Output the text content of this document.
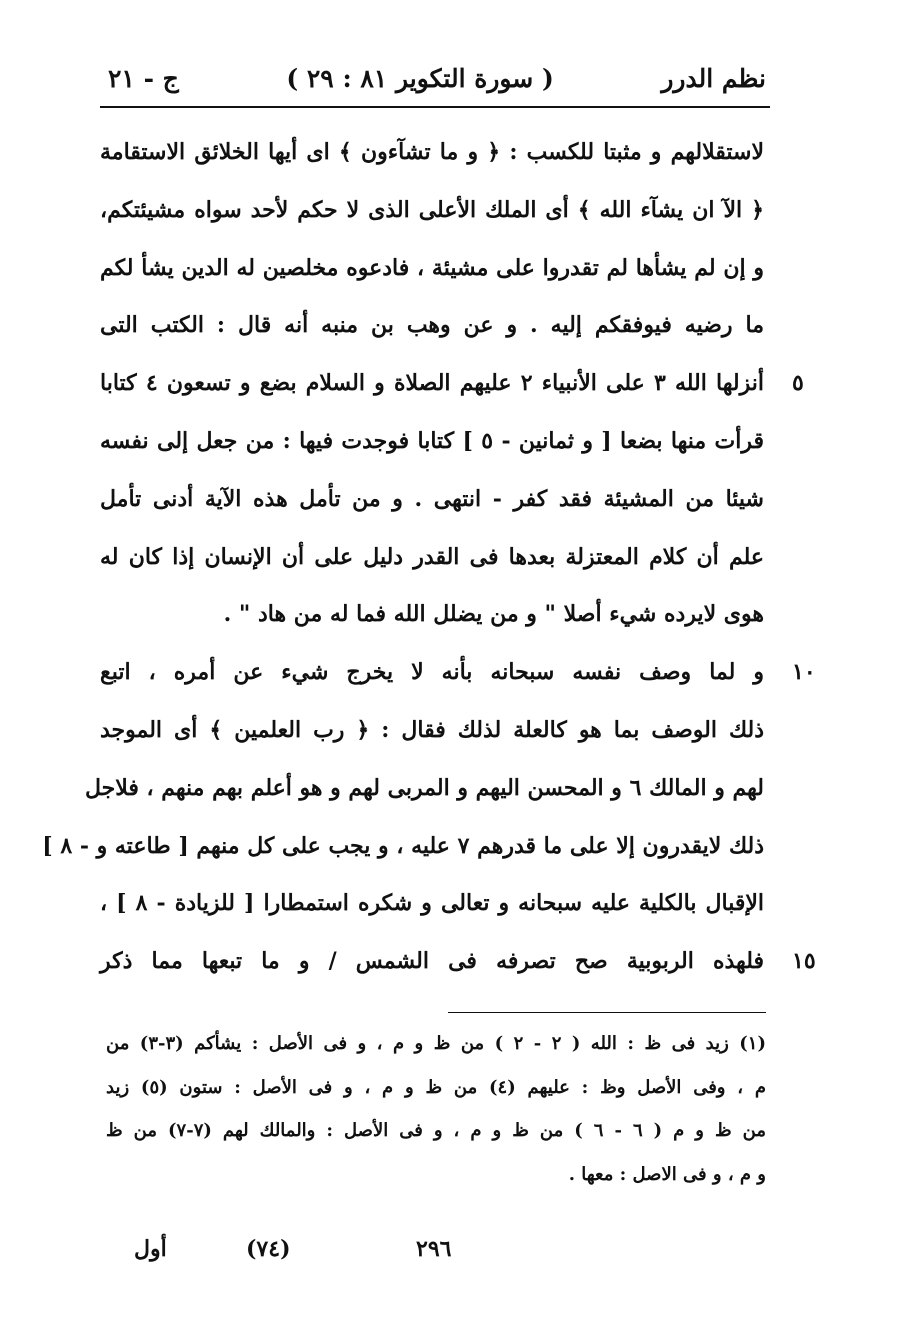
نظم الدرر
( سورة التكوير ٨١ : ٢٩ )
ج - ٢١
لاستقلالهم و مثبتا للكسب : ﴿ و ما تشآءون ﴾ اى أيها الخلائق الاستقامة
﴿ الآ ان يشآء الله ﴾ أى الملك الأعلى الذى لا حكم لأحد سواه مشيئتكم،
و إن لم يشأها لم تقدروا على مشيئة ، فادعوه مخلصين له الدين يشأ لكم
ما رضيه فيوفقكم إليه . و عن وهب بن منبه أنه قال : الكتب التى
٥
أنزلها الله ٣ على الأنبياء ٢ عليهم الصلاة و السلام بضع و تسعون ٤ كتابا
قرأت منها بضعا [ و ثمانين - ٥ ] كتابا فوجدت فيها : من جعل إلى نفسه
شيئا من المشيئة فقد كفر - انتهى . و من تأمل هذه الآية أدنى تأمل
علم أن كلام المعتزلة بعدها فى القدر دليل على أن الإنسان إذا كان له
هوى لايرده شيء أصلا " و من يضلل الله فما له من هاد " .
١٠
و لما وصف نفسه سبحانه بأنه لا يخرج شيء عن أمره ، اتبع
ذلك الوصف بما هو كالعلة لذلك فقال : ﴿ رب العلمين ﴾ أى الموجد
لهم و المالك ٦ و المحسن اليهم و المربى لهم و هو أعلم بهم منهم ، فلاجل
ذلك لايقدرون إلا على ما قدرهم ٧ عليه ، و يجب على كل منهم [ طاعته و - ٨ ]
الإقبال بالكلية عليه سبحانه و تعالى و شكره استمطارا [ للزيادة - ٨ ] ،
١٥
فلهذه الربوبية صح تصرفه فى الشمس / و ما تبعها مما ذكر
(١) زيد فى ظ : الله ( ٢ - ٢ ) من ظ و م ، و فى الأصل : يشأكم (٣-٣) من
م ، وفى الأصل وظ : عليهم (٤) من ظ و م ، و فى الأصل : ستون (٥) زيد
من ظ و م ( ٦ - ٦ ) من ظ و م ، و فى الأصل : والمالك لهم (٧-٧) من ظ
و م ، و فى الاصل : معها .
أول	(٧٤)	٢٩٦
